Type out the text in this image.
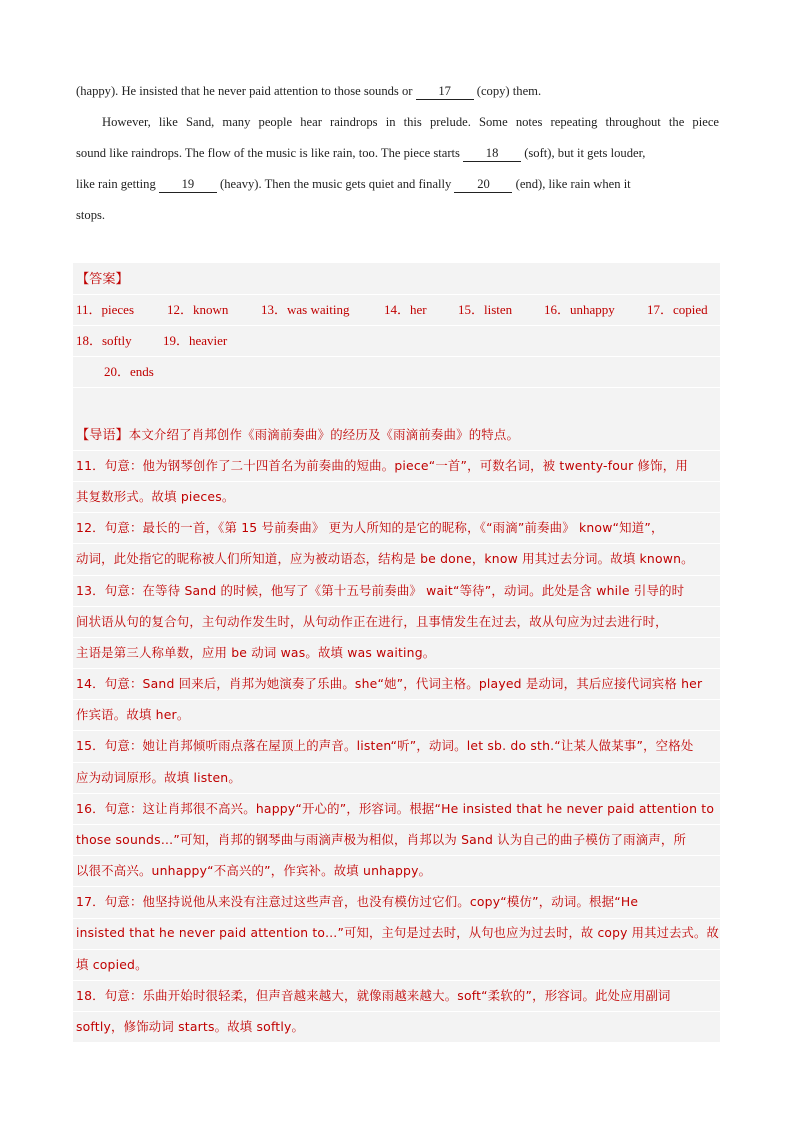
(happy). He insisted that he never paid attention to those sounds or 17 (copy) them.
However, like Sand, many people hear raindrops in this prelude. Some notes repeating throughout the piece
sound like raindrops. The flow of the music is like rain, too. The piece starts 18 (soft), but it gets louder,
like rain getting 19 (heavy). Then the music gets quiet and finally 20 (end), like rain when it
stops.
【答案】
11．pieces	12．known	13．was waiting	14．her 15．listen 16．unhappy 17．copied
18．softly 19．heavier
20．ends
【导语】本文介绍了肖邦创作《雨滴前奏曲》的经历及《雨滴前奏曲》的特点。
11．句意：他为钢琴创作了二十四首名为前奏曲的短曲。piece“一首”，可数名词，被 twenty-four 修饰，用
其复数形式。故填 pieces。
12．句意：最长的一首，《第 15 号前奏曲》 更为人所知的是它的昵称，《“雨滴”前奏曲》 know“知道”，
动词，此处指它的昵称被人们所知道，应为被动语态，结构是 be done，know 用其过去分词。故填 known。
13．句意：在等待 Sand 的时候，他写了《第十五号前奏曲》 wait“等待”，动词。此处是含 while 引导的时
间状语从句的复合句，主句动作发生时，从句动作正在进行，且事情发生在过去，故从句应为过去进行时，
主语是第三人称单数，应用 be 动词 was。故填 was waiting。
14．句意：Sand 回来后，肖邦为她演奏了乐曲。she“她”，代词主格。played 是动词，其后应接代词宾格 her
作宾语。故填 her。
15．句意：她让肖邦倾听雨点落在屋顶上的声音。listen“听”，动词。let sb. do sth.“让某人做某事”，空格处
应为动词原形。故填 listen。
16．句意：这让肖邦很不高兴。happy“开心的”，形容词。根据“He insisted that he never paid attention to
those sounds…”可知，肖邦的钢琴曲与雨滴声极为相似，肖邦以为 Sand 认为自己的曲子模仿了雨滴声，所
以很不高兴。unhappy“不高兴的”，作宾补。故填 unhappy。
17．句意：他坚持说他从来没有注意过这些声音，也没有模仿过它们。copy“模仿”，动词。根据“He
insisted that he never paid attention to…”可知，主句是过去时，从句也应为过去时，故 copy 用其过去式。故
填 copied。
18．句意：乐曲开始时很轻柔，但声音越来越大，就像雨越来越大。soft“柔软的”，形容词。此处应用副词
softly，修饰动词 starts。故填 softly。
